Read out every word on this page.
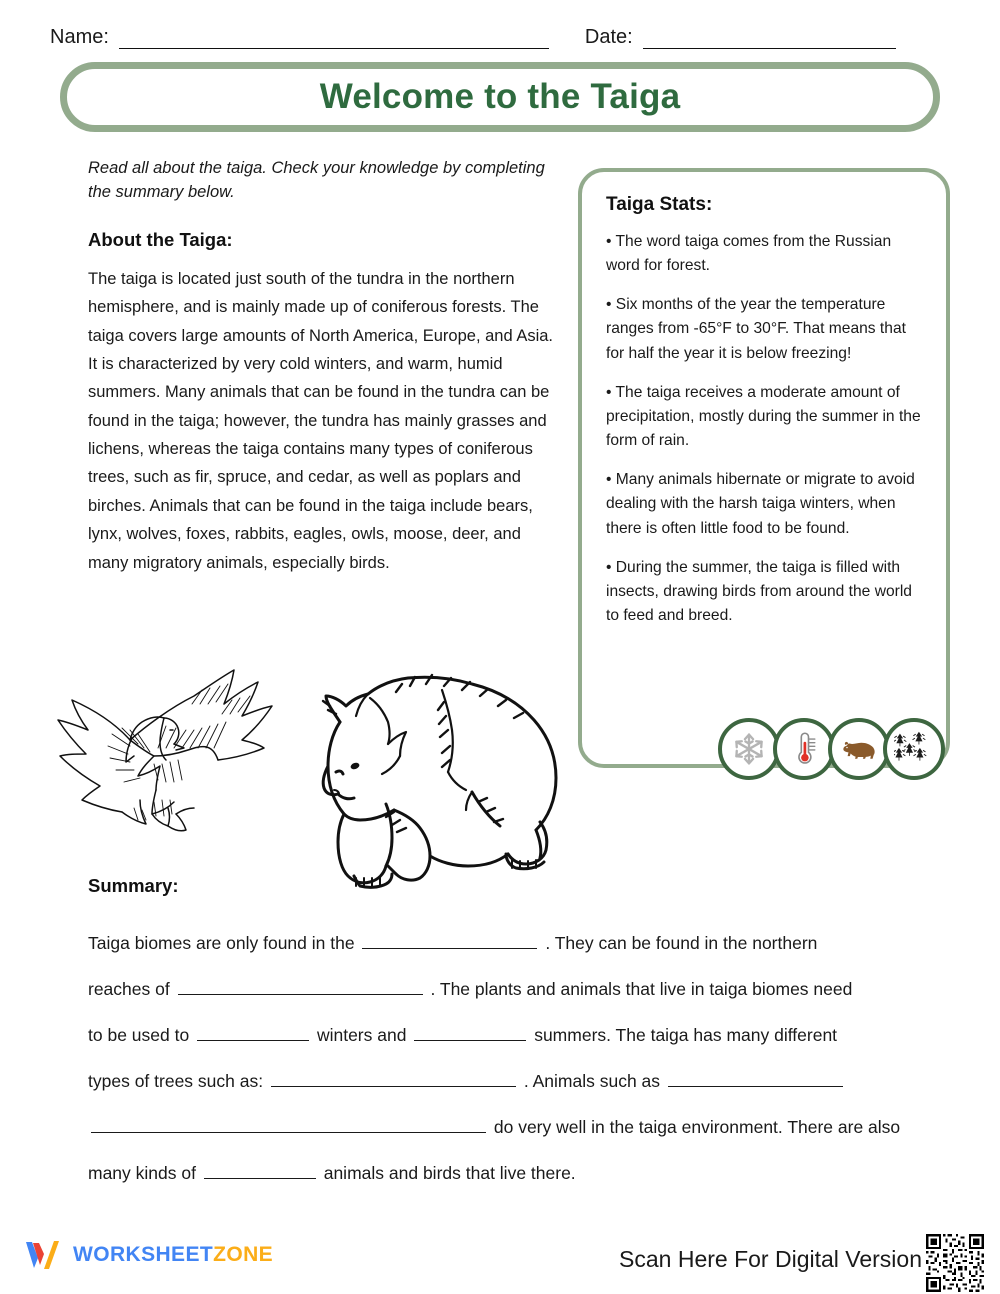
Name:	Date:
Welcome to the Taiga

Read all about the taiga. Check your knowledge by completing the summary below.

About the Taiga:

The taiga is located just south of the tundra in the northern hemisphere, and is mainly made up of coniferous forests. The taiga covers large amounts of North America, Europe, and Asia. It is characterized by very cold winters, and warm, humid summers. Many animals that can be found in the tundra can be found in the taiga; however, the tundra has mainly grasses and lichens, whereas the taiga contains many types of coniferous trees, such as fir, spruce, and cedar, as well as poplars and birches. Animals that can be found in the taiga include bears, lynx, wolves, foxes, rabbits, eagles, owls, moose, deer, and many migratory animals, especially birds.

Taiga Stats:

• The word taiga comes from the Russian word for forest.

• Six months of the year the temperature ranges from -65°F to 30°F. That means that for half the year it is below freezing!

• The taiga receives a moderate amount of precipitation, mostly during the summer in the form of rain.

• Many animals hibernate or migrate to avoid dealing with the harsh taiga winters, when there is often little food to be found.

• During the summer, the taiga is filled with insects, drawing birds from around the world to feed and breed.

Summary:

Taiga biomes are only found in the	. They can be found in the northern

reaches of	. The plants and animals that live in taiga biomes need

to be used to	winters and	summers. The taiga has many different

types of trees such as:	. Animals such as

do very well in the taiga environment. There are also

many kinds of	animals and birds that live there.

WORKSHEETZONE	Scan Here For Digital Version
